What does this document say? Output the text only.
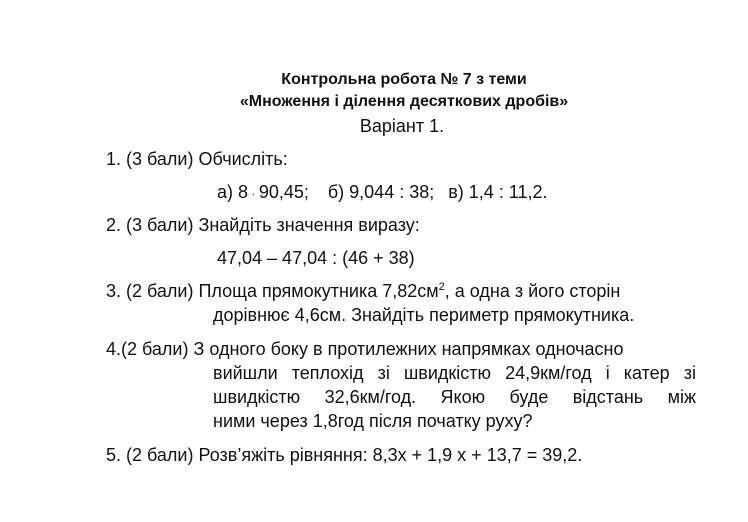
Контрольна робота № 7 з теми
«Множення і ділення десяткових дробів»
Варіант 1.
1. (3 бали) Обчисліть:
а) 8 . 90,45; б) 9,044 : 38; в) 1,4 : 11,2.
2. (3 бали) Знайдіть значення виразу:
47,04 – 47,04 : (46 + 38)
3. (2 бали) Площа прямокутника $7,82см^2$, а одна з його сторін
дорівнює 4,6см. Знайдіть периметр прямокутника.
4.(2 бали) З одного боку в протилежних напрямках одночасно
вийшли теплохід зі швидкістю 24,9км/год і катер зі
швидкістю 32,6км/год. Якою буде відстань між
ними через 1,8год після початку руху?
5. (2 бали) Розв’яжіть рівняння: 8,3х + 1,9 х + 13,7 = 39,2.
